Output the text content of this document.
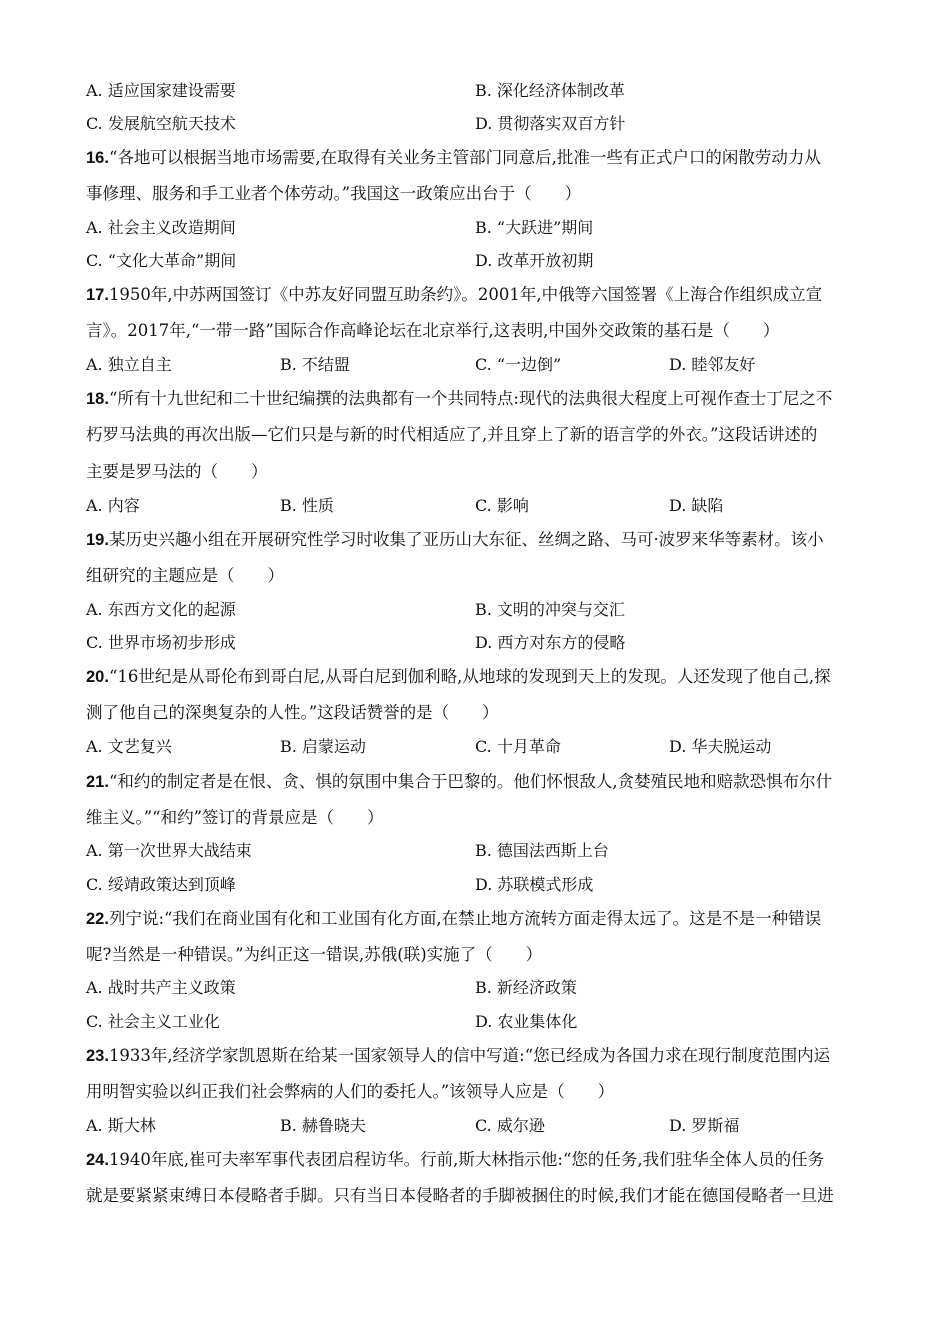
A. 适应国家建设需要	B. 深化经济体制改革
C. 发展航空航天技术	D. 贯彻落实双百方针
16.“各地可以根据当地市场需要,在取得有关业务主管部门同意后,批准一些有正式户口的闲散劳动力从
事修理、服务和手工业者个体劳动。”我国这一政策应出台于（　　）
A. 社会主义改造期间	B. “大跃进”期间
C. “文化大革命”期间	D. 改革开放初期
17.1950年,中苏两国签订《中苏友好同盟互助条约》。2001年,中俄等六国签署《上海合作组织成立宣
言》。2017年,“一带一路”国际合作高峰论坛在北京举行,这表明,中国外交政策的基石是（　　）
A. 独立自主	B. 不结盟	C. “一边倒”	D. 睦邻友好
18.“所有十九世纪和二十世纪编撰的法典都有一个共同特点:现代的法典很大程度上可视作查士丁尼之不
朽罗马法典的再次出版—它们只是与新的时代相适应了,并且穿上了新的语言学的外衣。”这段话讲述的
主要是罗马法的（　　）
A. 内容	B. 性质	C. 影响	D. 缺陷
19.某历史兴趣小组在开展研究性学习时收集了亚历山大东征、丝绸之路、马可·波罗来华等素材。该小
组研究的主题应是（　　）
A. 东西方文化的起源	B. 文明的冲突与交汇
C. 世界市场初步形成	D. 西方对东方的侵略
20.“16世纪是从哥伦布到哥白尼,从哥白尼到伽利略,从地球的发现到天上的发现。人还发现了他自己,探
测了他自己的深奥复杂的人性。”这段话赞誉的是（　　）
A. 文艺复兴	B. 启蒙运动	C. 十月革命	D. 华夫脱运动
21.“和约的制定者是在恨、贪、惧的氛围中集合于巴黎的。他们怀恨敌人,贪婪殖民地和赔款恐惧布尔什
维主义。”“和约”签订的背景应是（　　）
A. 第一次世界大战结束	B. 德国法西斯上台
C. 绥靖政策达到顶峰	D. 苏联模式形成
22.列宁说:“我们在商业国有化和工业国有化方面,在禁止地方流转方面走得太远了。这是不是一种错误
呢?当然是一种错误。”为纠正这一错误,苏俄(联)实施了（　　）
A. 战时共产主义政策	B. 新经济政策
C. 社会主义工业化	D. 农业集体化
23.1933年,经济学家凯恩斯在给某一国家领导人的信中写道:“您已经成为各国力求在现行制度范围内运
用明智实验以纠正我们社会弊病的人们的委托人。”该领导人应是（　　）
A. 斯大林	B. 赫鲁晓夫	C. 威尔逊	D. 罗斯福
24.1940年底,崔可夫率军事代表团启程访华。行前,斯大林指示他:“您的任务,我们驻华全体人员的任务
就是要紧紧束缚日本侵略者手脚。只有当日本侵略者的手脚被捆住的时候,我们才能在德国侵略者一旦进
